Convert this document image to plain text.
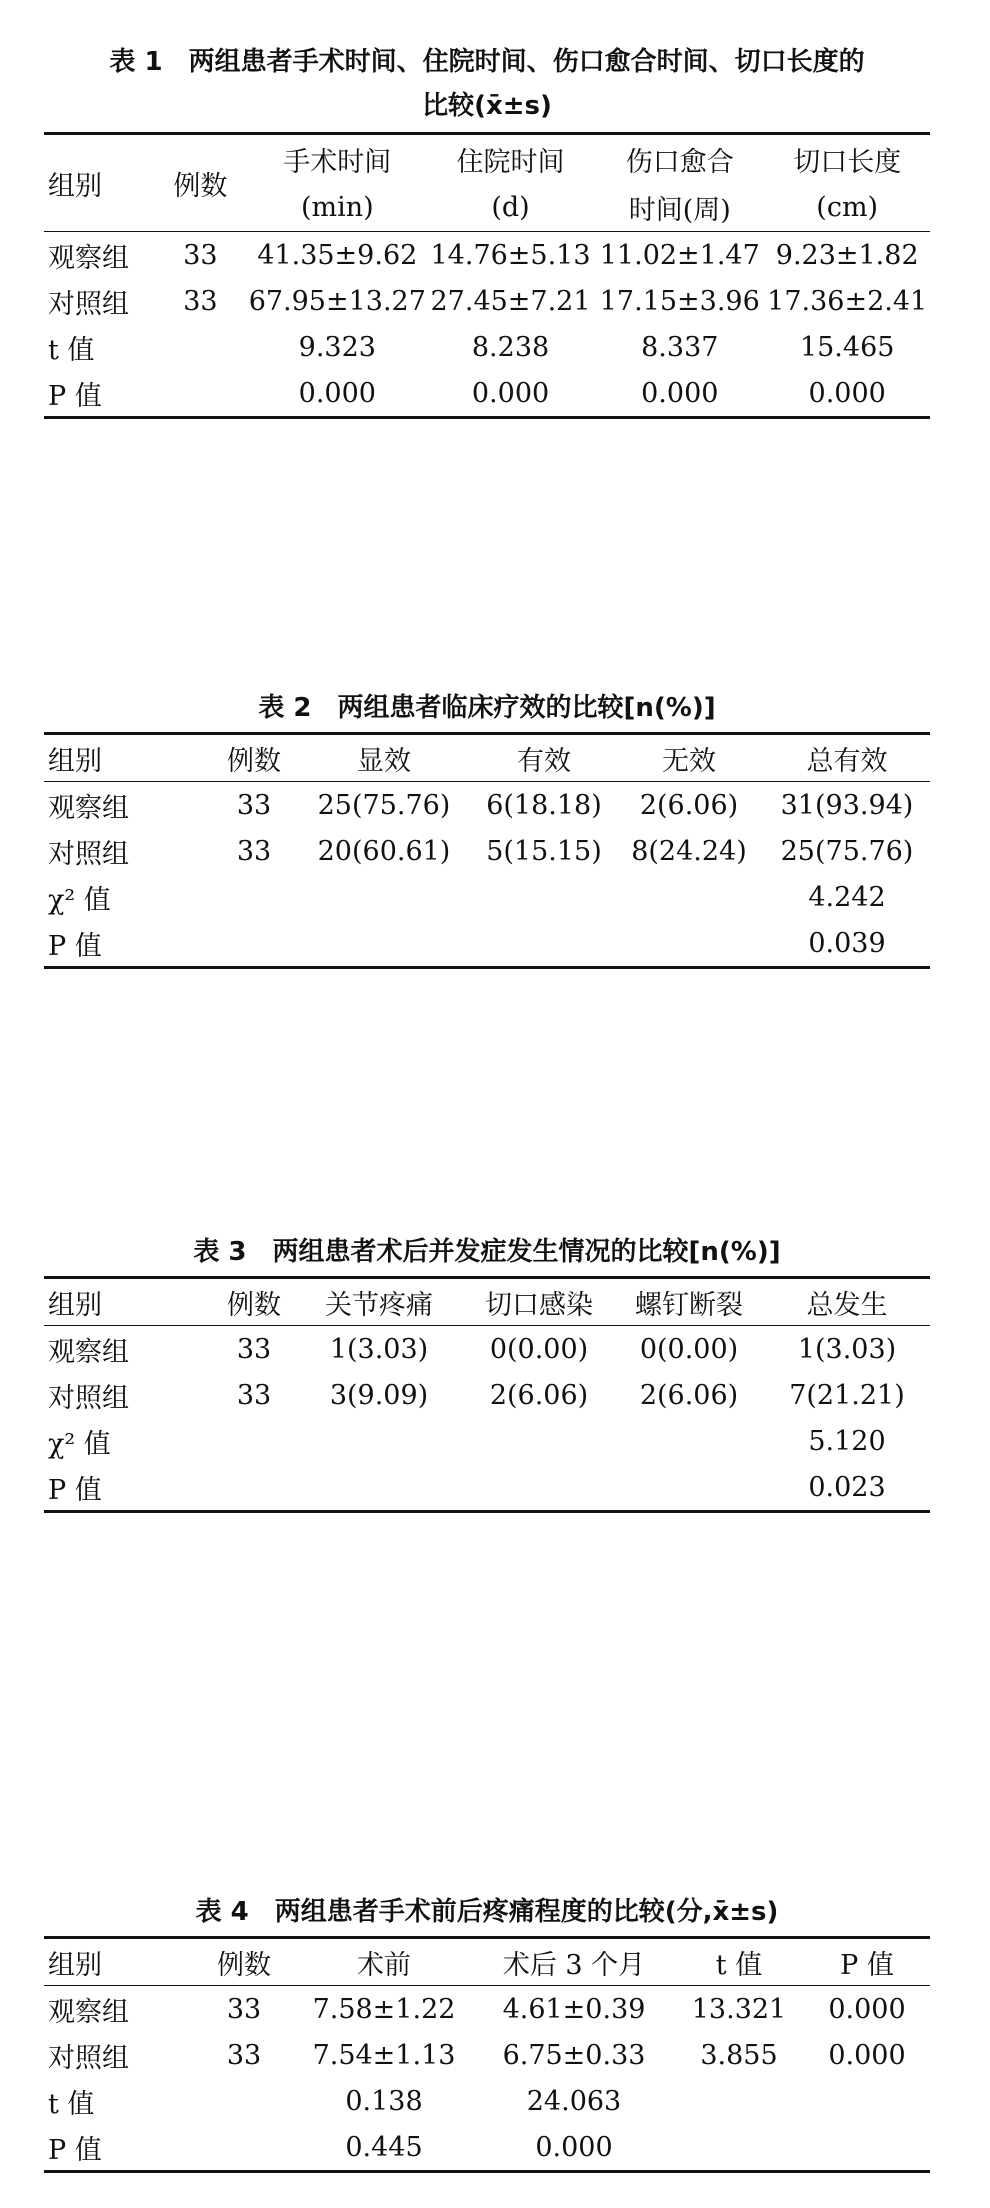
表 1　两组患者手术时间、住院时间、伤口愈合时间、切口长度的
比较(x̄±s)
组别	例数	手术时间	住院时间	伤口愈合	切口长度
		(min)	(d)	时间(周)	(cm)
观察组	33	41.35±9.62	14.76±5.13	11.02±1.47	9.23±1.82
对照组	33	67.95±13.27	27.45±7.21	17.15±3.96	17.36±2.41
t 值		9.323	8.238	8.337	15.465
P 值		0.000	0.000	0.000	0.000
表 2　两组患者临床疗效的比较[n(%)]
组别	例数	显效	有效	无效	总有效
观察组	33	25(75.76)	6(18.18)	2(6.06)	31(93.94)
对照组	33	20(60.61)	5(15.15)	8(24.24)	25(75.76)
χ² 值					4.242
P 值					0.039
表 3　两组患者术后并发症发生情况的比较[n(%)]
组别	例数	关节疼痛	切口感染	螺钉断裂	总发生
观察组	33	1(3.03)	0(0.00)	0(0.00)	1(3.03)
对照组	33	3(9.09)	2(6.06)	2(6.06)	7(21.21)
χ² 值					5.120
P 值					0.023
表 4　两组患者手术前后疼痛程度的比较(分,x̄±s)
组别	例数	术前	术后 3 个月	t 值	P 值
观察组	33	7.58±1.22	4.61±0.39	13.321	0.000
对照组	33	7.54±1.13	6.75±0.33	3.855	0.000
t 值		0.138	24.063		
P 值		0.445	0.000		
